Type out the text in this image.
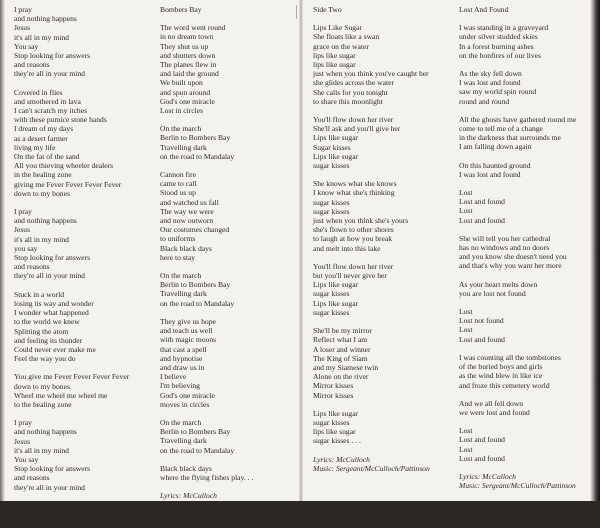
I pray
and nothing happens
Jesus
it's all in my mind
You say
Stop looking for answers
and reasons
they're all in your mind
Covered in flies
and smothered in lava
I can't scratch my itches
with these pumice stone hands
I dream of my days
as a desert farmer
living my life
On the fat of the sand
All you thieving wheeler dealers
in the healing zone
giving me Fever Fever Fever Fever
down to my bones
I pray
and nothing happens
Jesus
it's all in my mind
you say
Stop looking for answers
and reasons
they're all in your mind
Stuck in a world
losing its way and wonder
I wonder what happened
to the world we knew
Splitting the atom
and feeling its thunder
Could never ever make me
Feel the way you do
You give me Fever Fever Fever Fever
down to my bones
Wheel me wheel me wheel me
to the healing zone
I pray
and nothing happens
Jesus
it's all in my mind
You say
Stop looking for answers
and reasons
they're all in your mind
Lyrics: McCulloch
Music: Sergeant/McCulloch/
Pattinson/De Freitas
Bombers Bay
The word went round
in no dream town
They shut us up
and shutters down
The planes flew in
and laid the ground
We built upon
and spun around
God's one miracle
Lost in circles
On the march
Berlin to Bombers Bay
Travelling dark
on the road to Mandalay
Cannon fire
came to call
Stood us up
and watched us fall
The way we were
and now outworn
Our costumes changed
to uniforms
Black black days
here to stay
On the march
Berlin to Bombers Bay
Travelling dark
on the road to Mandalay
They give us hope
and teach us well
with magic moons
that cast a spell
and hypnotise
and draw us in
I believe
I'm believing
God's one miracle
moves in circles
On the march
Berlin to Bombers Bay
Travelling dark
on the road to Mandalay
Black black days
where the flying fishes play. . .
Lyrics: McCulloch
Music: Sergeant/McCulloch/Pattinson
Side Two
Lips Like Sugar
She floats like a swan
grace on the water
lips like sugar
lips like sugar
just when you think you've caught her
she glides across the water
She calls for you tonight
to share this moonlight
You'll flow down her river
She'll ask and you'll give her
Lips like sugar
Sugar kisses
Lips like sugar
sugar kisses
She knows what she knows
I know what she's thinking
sugar kisses
sugar kisses
just when you think she's yours
she's flown to other shores
to laugh at how you break
and melt into this lake
You'll flow down her river
but you'll never give her
Lips like sugar
sugar kisses
Lips like sugar
sugar kisses
She'll be my mirror
Reflect what I am
A loser and winner
The King of Siam
and my Siamese twin
Alone on the river
Mirror kisses
Mirror kisses
Lips like sugar
sugar kisses
lips like sugar
sugar kisses . . .
Lyrics: McCulloch
Music: Sergeant/McCulloch/Pattinson
Lost And Found
I was standing in a graveyard
under silver studded skies
In a forest burning ashes
on the bonfires of our lives
As the sky fell down
I was lost and found
saw my world spin round
round and round
All the ghosts have gathered round me
come to tell me of a change
in the darkness that surrounds me
I am falling down again
On this haunted ground
I was lost and found
Lost
Lost and found
Lost
Lost and found
She will tell you her cathedral
has no windows and no doors
and you know she doesn't need you
and that's why you want her more
As your heart melts down
you are lost not found
Lost
Lost not found
Lost
Lost and found
I was counting all the tombstones
of the buried boys and girls
as the wind blew in like ice
and froze this cemetery world
And we all fell down
we were lost and found
Lost
Lost and found
Lost
Lost and found
Lyrics: McCulloch
Music: Sergeant/McCulloch/Pattinson
